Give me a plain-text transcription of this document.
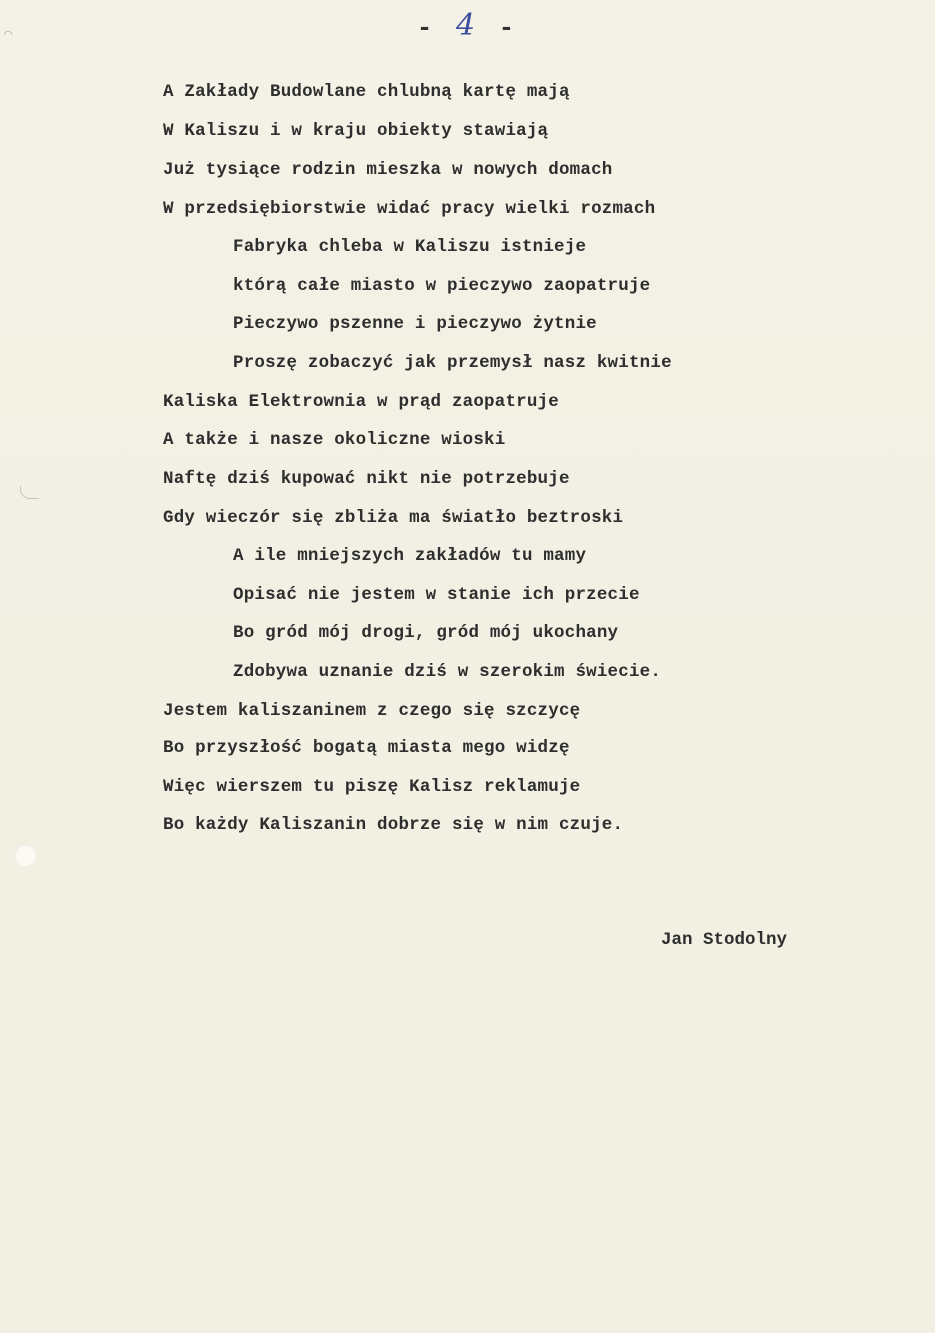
⌒	- 4 -
A Zakłady Budowlane chlubną kartę mają
W Kaliszu i w kraju obiekty stawiają
Już tysiące rodzin mieszka w nowych domach
W przedsiębiorstwie widać pracy wielki rozmach
Fabryka chleba w Kaliszu istnieje
którą całe miasto w pieczywo zaopatruje
Pieczywo pszenne i pieczywo żytnie
Proszę zobaczyć jak przemysł nasz kwitnie
Kaliska Elektrownia w prąd zaopatruje
A także i nasze okoliczne wioski
Naftę dziś kupować nikt nie potrzebuje
Gdy wieczór się zbliża ma światło beztroski
A ile mniejszych zakładów tu mamy
Opisać nie jestem w stanie ich przecie
Bo gród mój drogi, gród mój ukochany
Zdobywa uznanie dziś w szerokim świecie.
Jestem kaliszaninem z czego się szczycę
Bo przyszłość bogatą miasta mego widzę
Więc wierszem tu piszę Kalisz reklamuje
Bo każdy Kaliszanin dobrze się w nim czuje.
Jan Stodolny
